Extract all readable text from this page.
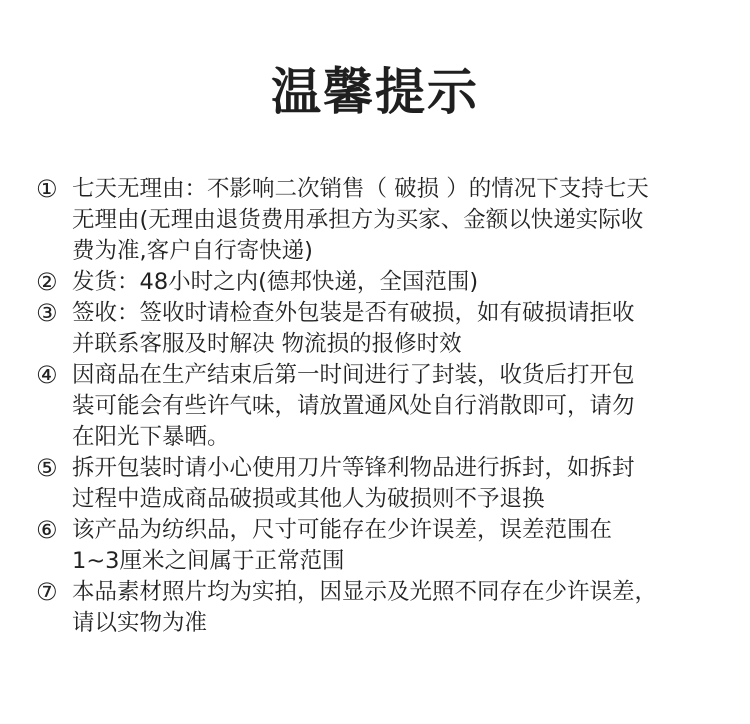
温馨提示
① 七天无理由：不影响二次销售（ 破损 ）的情况下支持七天
无理由(无理由退货费用承担方为买家、金额以快递实际收
费为准,客户自行寄快递)
② 发货：48小时之内(德邦快递，全国范围)
③ 签收：签收时请检查外包装是否有破损，如有破损请拒收
并联系客服及时解决 物流损的报修时效
④ 因商品在生产结束后第一时间进行了封装，收货后打开包
装可能会有些许气味，请放置通风处自行消散即可，请勿
在阳光下暴晒。
⑤ 拆开包装时请小心使用刀片等锋利物品进行拆封，如拆封
过程中造成商品破损或其他人为破损则不予退换
⑥ 该产品为纺织品，尺寸可能存在少许误差，误差范围在
1~3厘米之间属于正常范围
⑦ 本品素材照片均为实拍，因显示及光照不同存在少许误差，
请以实物为准
